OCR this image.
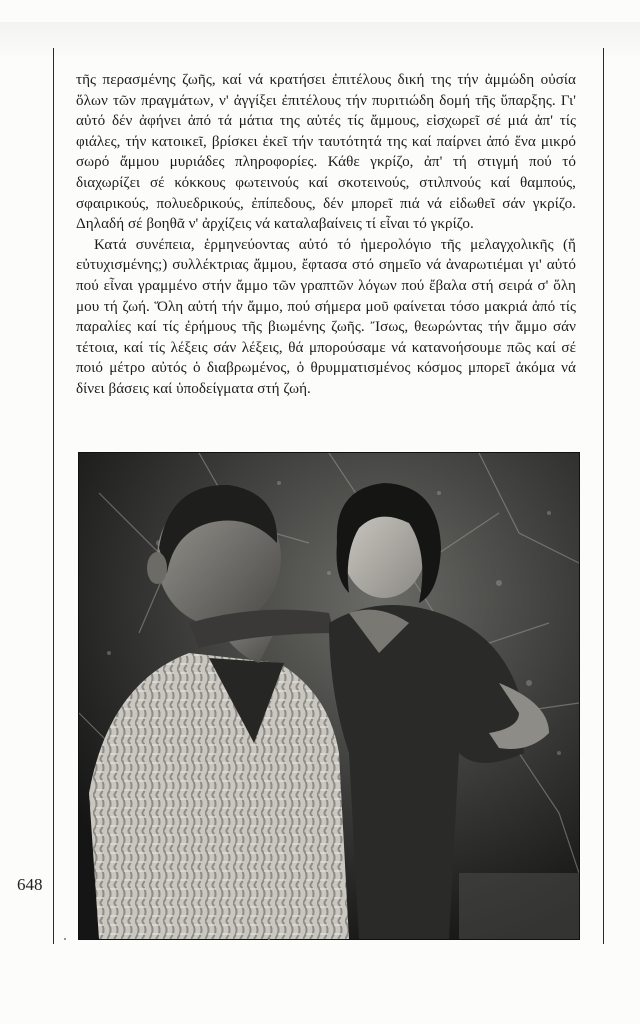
τῆς περασμένης ζωῆς, καί νά κρατήσει ἐπιτέλους δική της τήν ἀμμώδη οὐσία ὅλων τῶν πραγμάτων, ν' ἀγγίξει ἐπιτέλους τήν πυριτιώδη δομή τῆς ὕπαρξης. Γι' αὐτό δέν ἀφήνει ἀπό τά μάτια της αὐτές τίς ἄμμους, εἰσχωρεῖ σέ μιά ἀπ' τίς φιάλες, τήν κατοικεῖ, βρίσκει ἐκεῖ τήν ταυτότητά της καί παίρνει ἀπό ἕνα μικρό σωρό ἄμμου μυριάδες πληροφορίες. Κάθε γκρίζο, ἀπ' τή στιγμή πού τό διαχωρίζει σέ κόκκους φωτεινούς καί σκοτεινούς, στιλπνούς καί θαμπούς, σφαιρικούς, πολυεδρικούς, ἐπίπεδους, δέν μπορεῖ πιά νά εἰδωθεῖ σάν γκρίζο. Δηλαδή σέ βοηθᾶ ν' ἀρχίζεις νά καταλαβαίνεις τί εἶναι τό γκρίζο.

Κατά συνέπεια, ἑρμηνεύοντας αὐτό τό ἡμερολόγιο τῆς μελαγχολικῆς (ἤ εὐτυχισμένης;) συλλέκτριας ἄμμου, ἔφτασα στό σημεῖο νά ἀναρωτιέμαι γι' αὐτό πού εἶναι γραμμένο στήν ἄμμο τῶν γραπτῶν λόγων πού ἔβαλα στή σειρά σ' ὅλη μου τή ζωή. Ὅλη αὐτή τήν ἄμμο, πού σήμερα μοῦ φαίνεται τόσο μακριά ἀπό τίς παραλίες καί τίς ἐρήμους τῆς βιωμένης ζωῆς. Ἴσως, θεωρώντας τήν ἄμμο σάν τέτοια, καί τίς λέξεις σάν λέξεις, θά μπορούσαμε νά κατανοήσουμε πῶς καί σέ ποιό μέτρο αὐτός ὁ διαβρωμένος, ὁ θρυμματισμένος κόσμος μπορεῖ ἀκόμα νά δίνει βάσεις καί ὑποδείγματα στή ζωή.

648
